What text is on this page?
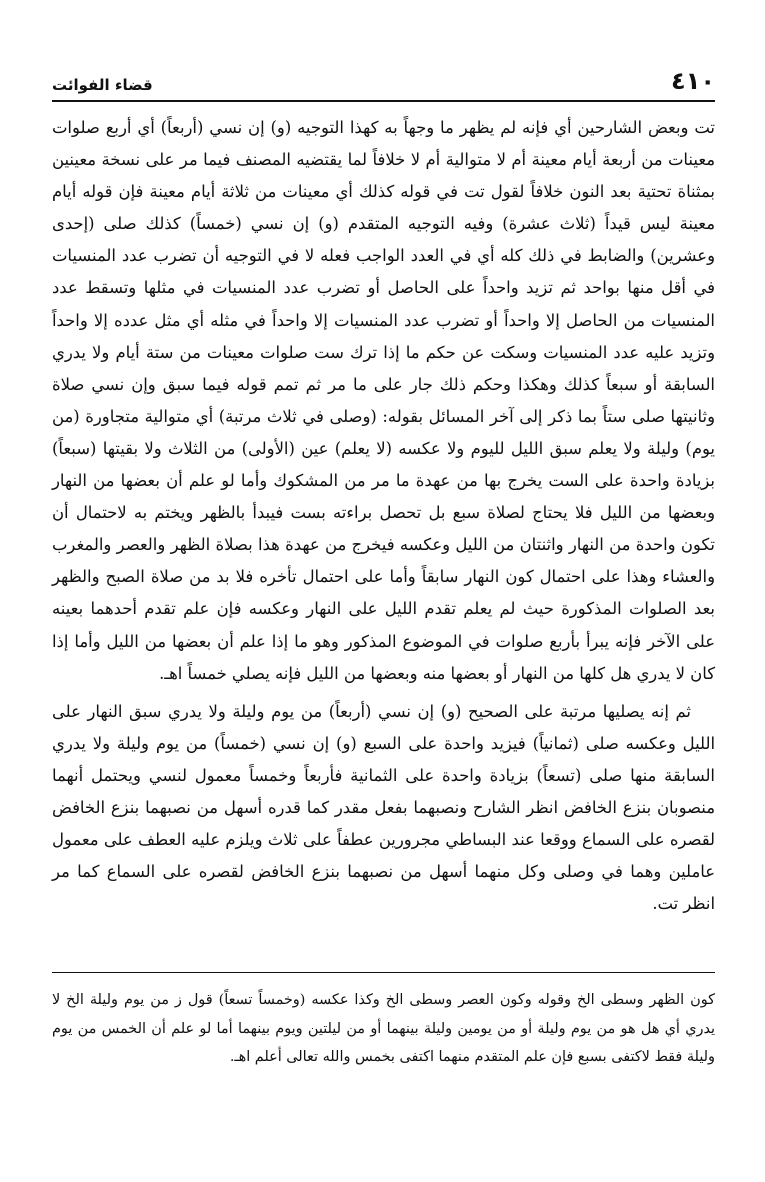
٤١٠
قضاء الفوائت

تت وبعض الشارحين أي فإنه لم يظهر ما وجهاً به كهذا التوجيه (و) إن نسي (أربعاً) أي أربع صلوات معينات من أربعة أيام معينة أم لا متوالية أم لا خلافاً لما يقتضيه المصنف فيما مر على نسخة معينين بمثناة تحتية بعد النون خلافاً لقول تت في قوله كذلك أي معينات من ثلاثة أيام معينة فإن قوله أيام معينة ليس قيداً (ثلاث عشرة) وفيه التوجيه المتقدم (و) إن نسي (خمساً) كذلك صلى (إحدى وعشرين) والضابط في ذلك كله أي في العدد الواجب فعله لا في التوجيه أن تضرب عدد المنسيات في أقل منها بواحد ثم تزيد واحداً على الحاصل أو تضرب عدد المنسيات في مثلها وتسقط عدد المنسيات من الحاصل إلا واحداً أو تضرب عدد المنسيات إلا واحداً في مثله أي مثل عدده إلا واحداً وتزيد عليه عدد المنسيات وسكت عن حكم ما إذا ترك ست صلوات معينات من ستة أيام ولا يدري السابقة أو سبعاً كذلك وهكذا وحكم ذلك جار على ما مر ثم تمم قوله فيما سبق وإن نسي صلاة وثانيتها صلى ستاً بما ذكر إلى آخر المسائل بقوله: (وصلى في ثلاث مرتبة) أي متوالية متجاورة (من يوم) وليلة ولا يعلم سبق الليل لليوم ولا عكسه (لا يعلم) عين (الأولى) من الثلاث ولا بقيتها (سبعاً) بزيادة واحدة على الست يخرج بها من عهدة ما مر من المشكوك وأما لو علم أن بعضها من النهار وبعضها من الليل فلا يحتاج لصلاة سبع بل تحصل براءته بست فيبدأ بالظهر ويختم به لاحتمال أن تكون واحدة من النهار واثنتان من الليل وعكسه فيخرج من عهدة هذا بصلاة الظهر والعصر والمغرب والعشاء وهذا على احتمال كون النهار سابقاً وأما على احتمال تأخره فلا بد من صلاة الصبح والظهر بعد الصلوات المذكورة حيث لم يعلم تقدم الليل على النهار وعكسه فإن علم تقدم أحدهما بعينه على الآخر فإنه يبرأ بأربع صلوات في الموضوع المذكور وهو ما إذا علم أن بعضها من الليل وأما إذا كان لا يدري هل كلها من النهار أو بعضها منه وبعضها من الليل فإنه يصلي خمساً اهـ.

ثم إنه يصليها مرتبة على الصحيح (و) إن نسي (أربعاً) من يوم وليلة ولا يدري سبق النهار على الليل وعكسه صلى (ثمانياً) فيزيد واحدة على السبع (و) إن نسي (خمساً) من يوم وليلة ولا يدري السابقة منها صلى (تسعاً) بزيادة واحدة على الثمانية فأربعاً وخمساً معمول لنسي ويحتمل أنهما منصوبان بنزع الخافض انظر الشارح ونصبهما بفعل مقدر كما قدره أسهل من نصبهما بنزع الخافض لقصره على السماع ووقعا عند البساطي مجرورين عطفاً على ثلاث ويلزم عليه العطف على معمول عاملين وهما في وصلى وكل منهما أسهل من نصبهما بنزع الخافض لقصره على السماع كما مر انظر تت.

كون الظهر وسطى الخ وقوله وكون العصر وسطى الخ وكذا عكسه (وخمساً تسعاً) قول ز من يوم وليلة الخ لا يدري أي هل هو من يوم وليلة أو من يومين وليلة بينهما أو من ليلتين ويوم بينهما أما لو علم أن الخمس من يوم وليلة فقط لاكتفى بسبع فإن علم المتقدم منهما اكتفى بخمس والله تعالى أعلم اهـ.
